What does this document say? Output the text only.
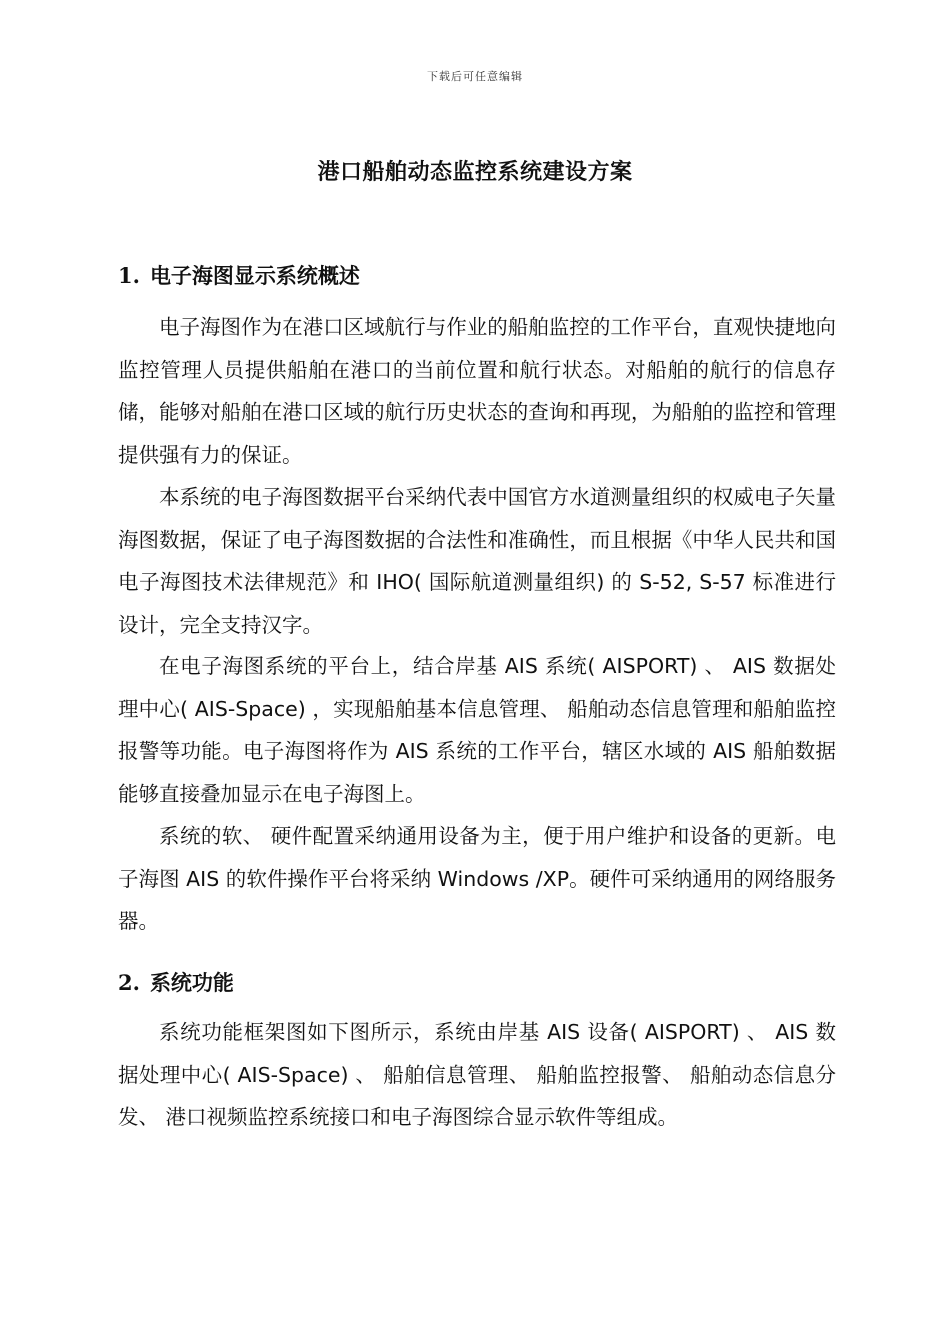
下载后可任意编辑
港口船舶动态监控系统建设方案
1. 电子海图显示系统概述

电子海图作为在港口区域航行与作业的船舶监控的工作平台，直观快捷地向监控管理人员提供船舶在港口的当前位置和航行状态。对船舶的航行的信息存储，能够对船舶在港口区域的航行历史状态的查询和再现，为船舶的监控和管理提供强有力的保证。

本系统的电子海图数据平台采纳代表中国官方水道测量组织的权威电子矢量海图数据，保证了电子海图数据的合法性和准确性，而且根据《中华人民共和国电子海图技术法律规范》和 IHO( 国际航道测量组织) 的 S-52, S-57 标准进行设计，完全支持汉字。

在电子海图系统的平台上，结合岸基 AIS 系统( AISPORT) 、 AIS 数据处理中心( AIS-Space) ，实现船舶基本信息管理、 船舶动态信息管理和船舶监控报警等功能。电子海图将作为 AIS 系统的工作平台，辖区水域的 AIS 船舶数据能够直接叠加显示在电子海图上。

系统的软、 硬件配置采纳通用设备为主，便于用户维护和设备的更新。电子海图 AIS 的软件操作平台将采纳 Windows /XP。硬件可采纳通用的网络服务器。

2. 系统功能

系统功能框架图如下图所示，系统由岸基 AIS 设备( AISPORT) 、 AIS 数据处理中心( AIS-Space) 、 船舶信息管理、 船舶监控报警、 船舶动态信息分发、 港口视频监控系统接口和电子海图综合显示软件等组成。
